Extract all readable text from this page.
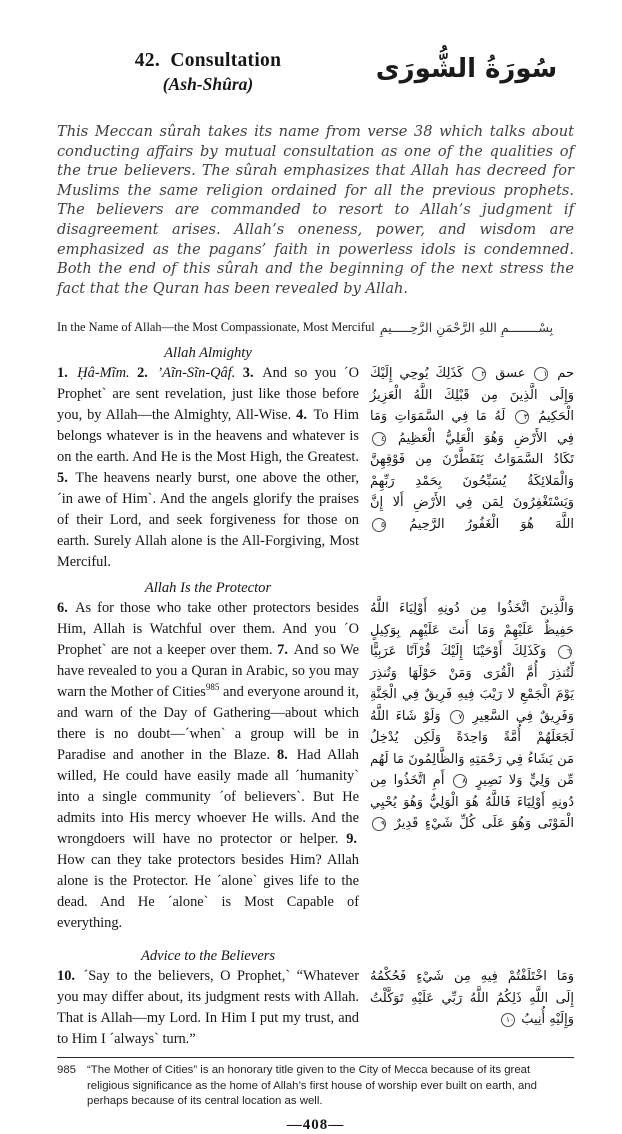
42.  Consultation
(Ash-Shûra)	سُورَةُ الشُّورَى

This Meccan sûrah takes its name from verse 38 which talks about conducting affairs by mutual consultation as one of the qualities of the true believers. The sûrah emphasizes that Allah has decreed for Muslims the same religion ordained for all the previous prophets. The believers are commanded to resort to Allah’s judgment if disagreement arises. Allah’s oneness, power, and wisdom are emphasized as the pagans’ faith in powerless idols is condemned. Both the end of this sûrah and the beginning of the next stress the fact that the Quran has been revealed by Allah.

In the Name of Allah—the Most Compassionate, Most Merciful بِسْــــــــمِ اللهِ الرَّحْمَنِ الرَّحِـــــيمِ
Allah Almighty

1. Ḥâ-Mĩm. 2. ’Aĩn-Sĩn-Qâf. 3. And so you ´O Prophet` are sent revelation, just like those before you, by Allah—the Almighty, All-Wise. 4. To Him belongs whatever is in the heavens and whatever is on the earth. And He is the Most High, the Greatest. 5. The heavens nearly burst, one above the other, ´in awe of Him`. And the angels glorify the praises of their Lord, and seek forgiveness for those on earth. Surely Allah alone is the All-Forgiving, Most Merciful.

حم ١ عسق ٢ كَذَلِكَ يُوحِي إِلَيْكَ
وَإِلَى الَّذِينَ مِن قَبْلِكَ اللَّهُ الْعَزِيزُ
الْحَكِيمُ ٣ لَهُ مَا فِي السَّمَوَاتِ وَمَا
فِي الأَرْضِ وَهُوَ الْعَلِيُّ الْعَظِيمُ ٤
تَكَادُ السَّمَوَاتُ يَتَفَطَّرْنَ مِن فَوْقِهِنَّ
وَالْمَلائِكَةُ يُسَبِّحُونَ بِحَمْدِ رَبِّهِمْ
وَيَسْتَغْفِرُونَ لِمَن فِي الأَرْضِ أَلا إِنَّ
اللَّهَ هُوَ الْغَفُورُ الرَّحِيمُ ٥
Allah Is the Protector

6. As for those who take other protectors besides Him, Allah is Watchful over them. And you ´O Prophet` are not a keeper over them. 7. And so We have revealed to you a Quran in Arabic, so you may warn the Mother of Cities$^{985}$ and everyone around it, and warn of the Day of Gathering—about which there is no doubt—´when` a group will be in Paradise and another in the Blaze. 8. Had Allah willed, He could have easily made all ´humanity` into a single community ´of believers`. But He admits into His mercy whoever He wills. And the wrongdoers will have no protector or helper. 9. How can they take protectors besides Him? Allah alone is the Protector. He ´alone` gives life to the dead. And He ´alone` is Most Capable of everything.

وَالَّذِينَ اتَّخَذُوا مِن دُونِهِ أَوْلِيَاءَ اللَّهُ
حَفِيظٌ عَلَيْهِمْ وَمَا أَنتَ عَلَيْهِم بِوَكِيلٍ
٦ وَكَذَلِكَ أَوْحَيْنَا إِلَيْكَ قُرْآنًا عَرَبِيًّا
لِّتُنذِرَ أُمَّ الْقُرَى وَمَنْ حَوْلَهَا وَتُنذِرَ
يَوْمَ الْجَمْعِ لا رَيْبَ فِيهِ فَرِيقٌ فِي الْجَنَّةِ
وَفَرِيقٌ فِي السَّعِيرِ ٧ وَلَوْ شَاءَ اللَّهُ
لَجَعَلَهُمْ أُمَّةً وَاحِدَةً وَلَكِن يُدْخِلُ
مَن يَشَاءُ فِي رَحْمَتِهِ وَالظَّالِمُونَ مَا لَهُم
مِّن وَلِيٍّ وَلا نَصِيرٍ ٨ أَمِ اتَّخَذُوا مِن
دُونِهِ أَوْلِيَاءَ فَاللَّهُ هُوَ الْوَلِيُّ وَهُوَ يُحْيِي
الْمَوْتَى وَهُوَ عَلَى كُلِّ شَيْءٍ قَدِيرٌ ٩
Advice to the Believers

10. ´Say to the believers, O Prophet,` “Whatever you may differ about, its judgment rests with Allah. That is Allah—my Lord. In Him I put my trust, and to Him I ´always` turn.”

وَمَا اخْتَلَفْتُمْ فِيهِ مِن شَيْءٍ فَحُكْمُهُ
إِلَى اللَّهِ ذَلِكُمُ اللَّهُ رَبِّي عَلَيْهِ تَوَكَّلْتُ
وَإِلَيْهِ أُنِيبُ ١٠
985 “The Mother of Cities” is an honorary title given to the City of Mecca because of its great religious significance as the home of Allah’s first house of worship ever built on earth, and perhaps because of its central location as well.
—408—
